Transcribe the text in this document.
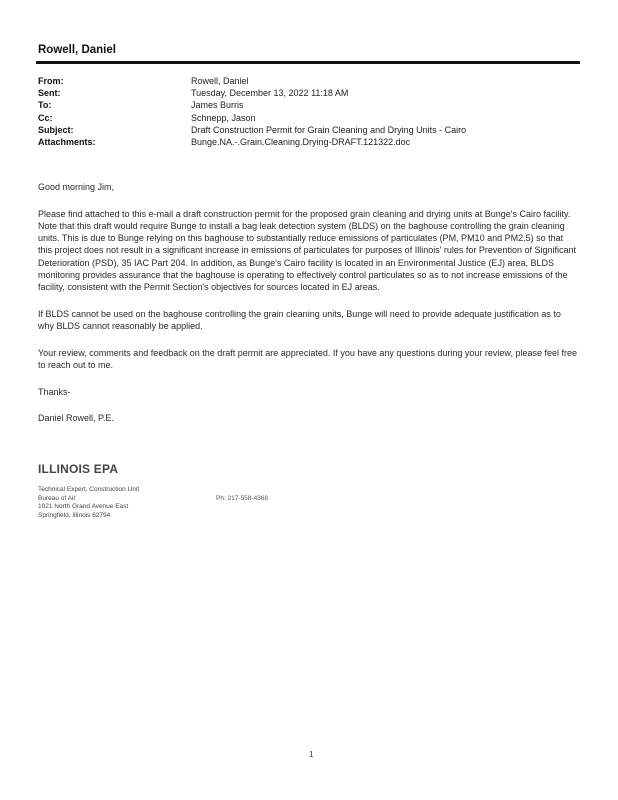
Rowell, Daniel
From:	Rowell, Daniel
Sent:	Tuesday, December 13, 2022 11:18 AM
To:	James Burris
Cc:	Schnepp, Jason
Subject:	Draft Construction Permit for Grain Cleaning and Drying Units - Cairo
Attachments:	Bunge.NA.-.Grain.Cleaning.Drying-DRAFT.121322.doc

Good morning Jim,

Please find attached to this e-mail a draft construction permit for the proposed grain cleaning and drying units at Bunge's Cairo facility. Note that this draft would require Bunge to install a bag leak detection system (BLDS) on the baghouse controlling the grain cleaning units. This is due to Bunge relying on this baghouse to substantially reduce emissions of particulates (PM, PM10 and PM2.5) so that this project does not result in a significant increase in emissions of particulates for purposes of Illinois' rules for Prevention of Significant Deterioration (PSD), 35 IAC Part 204. In addition, as Bunge's Cairo facility is located in an Environmental Justice (EJ) area, BLDS monitoring provides assurance that the baghouse is operating to effectively control particulates so as to not increase emissions of the facility, consistent with the Permit Section's objectives for sources located in EJ areas.

If BLDS cannot be used on the baghouse controlling the grain cleaning units, Bunge will need to provide adequate justification as to why BLDS cannot reasonably be applied.

Your review, comments and feedback on the draft permit are appreciated. If you have any questions during your review, please feel free to reach out to me.

Thanks-

Daniel Rowell, P.E.

ILLINOIS EPA
Technical Expert, Construction Unit
Bureau of Air
1021 North Grand Avenue East
Springfield, Illinois 62794
Ph: 217-558-4368
1
